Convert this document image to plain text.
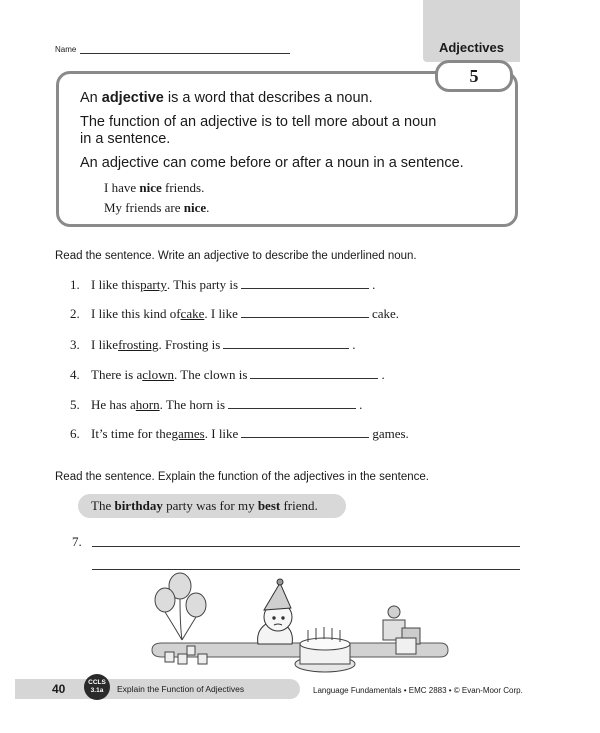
Name	Adjectives
5
An adjective is a word that describes a noun.
The function of an adjective is to tell more about a noun
in a sentence.
An adjective can come before or after a noun in a sentence.
I have nice friends.
My friends are nice.
Read the sentence. Write an adjective to describe the underlined noun.
1. I like this party . This party is	.
2. I like this kind of cake . I like	cake.
3. I like frosting . Frosting is	.
4. There is a clown . The clown is	.
5. He has a horn . The horn is	.
6. It’s time for the games . I like	games.
Read the sentence. Explain the function of the adjectives in the sentence.
The birthday party was for my best friend.
7.
40	CCLS
3.1a	Explain the Function of Adjectives	Language Fundamentals • EMC 2883 • © Evan-Moor Corp.
